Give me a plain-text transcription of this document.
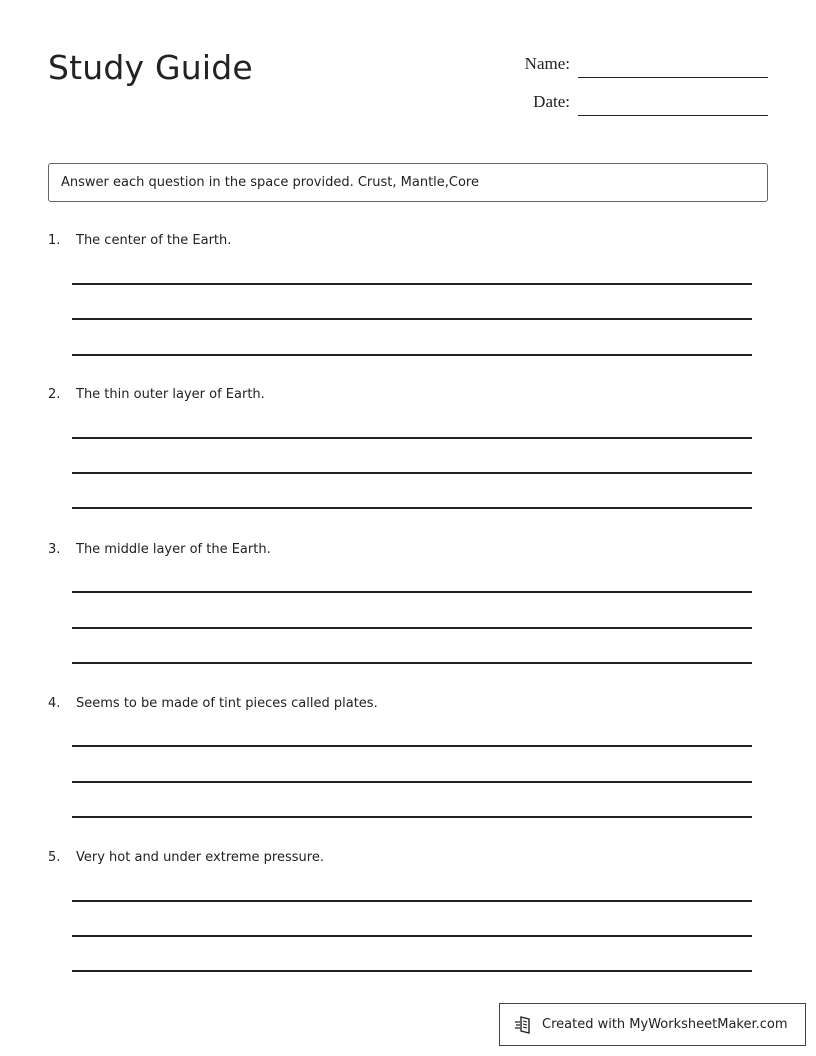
Study Guide	Name:
Date:
Answer each question in the space provided. Crust, Mantle,Core
1. The center of the Earth.
2. The thin outer layer of Earth.
3. The middle layer of the Earth.
4. Seems to be made of tint pieces called plates.
5. Very hot and under extreme pressure.
Created with MyWorksheetMaker.com
